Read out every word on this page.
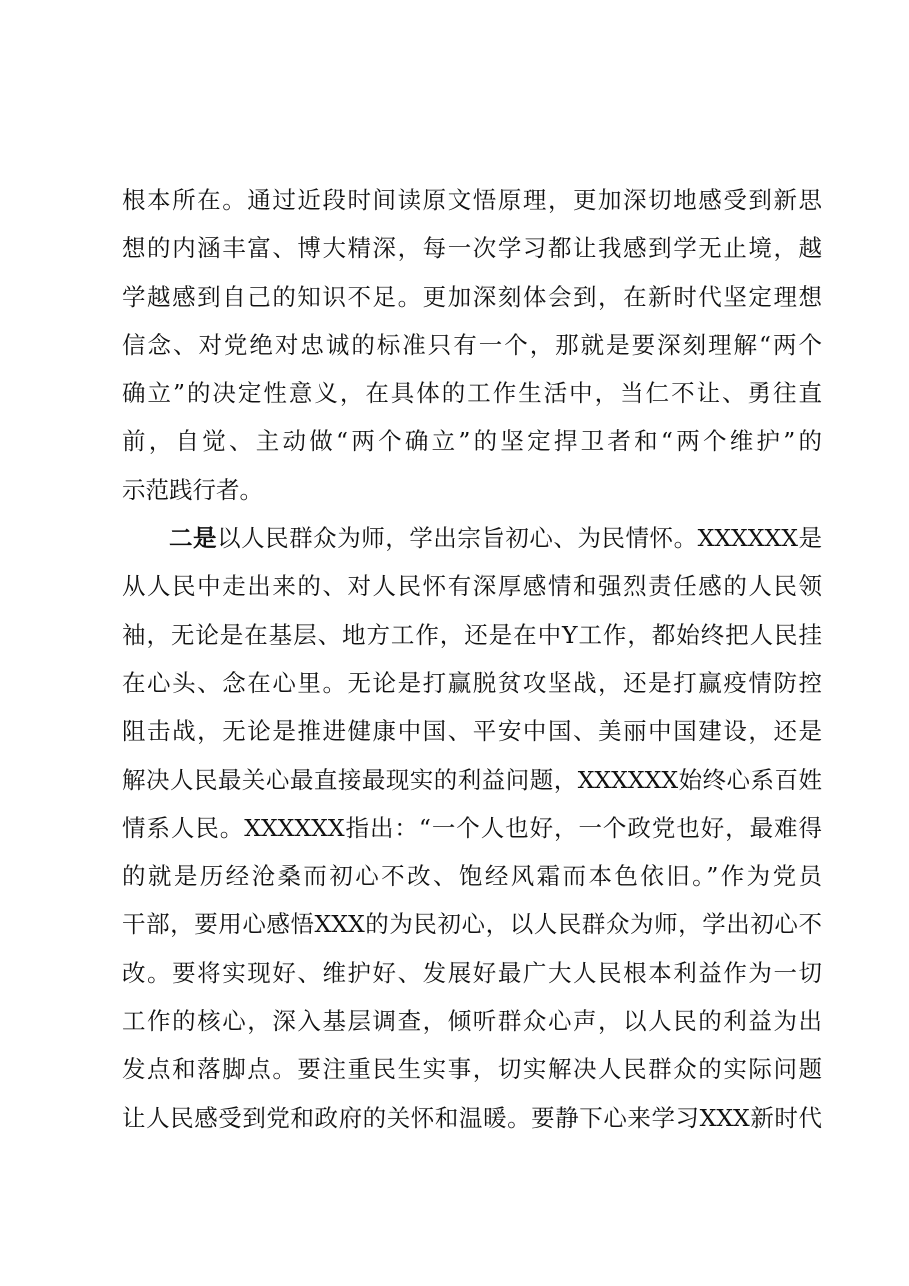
根本所在。通过近段时间读原文悟原理，更加深切地感受到新思
想的内涵丰富、博大精深，每一次学习都让我感到学无止境，越
学越感到自己的知识不足。更加深刻体会到，在新时代坚定理想
信念、对党绝对忠诚的标准只有一个，那就是要深刻理解“两个
确立”的决定性意义，在具体的工作生活中，当仁不让、勇往直
前，自觉、主动做“两个确立”的坚定捍卫者和“两个维护”的
示范践行者。
二是以人民群众为师，学出宗旨初心、为民情怀。XXXXXX是
从人民中走出来的、对人民怀有深厚感情和强烈责任感的人民领
袖，无论是在基层、地方工作，还是在中Y工作，都始终把人民挂
在心头、念在心里。无论是打赢脱贫攻坚战，还是打赢疫情防控
阻击战，无论是推进健康中国、平安中国、美丽中国建设，还是
解决人民最关心最直接最现实的利益问题，XXXXXX始终心系百姓
情系人民。XXXXXX指出：“一个人也好，一个政党也好，最难得
的就是历经沧桑而初心不改、饱经风霜而本色依旧。”作为党员
干部，要用心感悟XXX的为民初心，以人民群众为师，学出初心不
改。要将实现好、维护好、发展好最广大人民根本利益作为一切
工作的核心，深入基层调查，倾听群众心声，以人民的利益为出
发点和落脚点。要注重民生实事，切实解决人民群众的实际问题
让人民感受到党和政府的关怀和温暖。要静下心来学习XXX新时代
